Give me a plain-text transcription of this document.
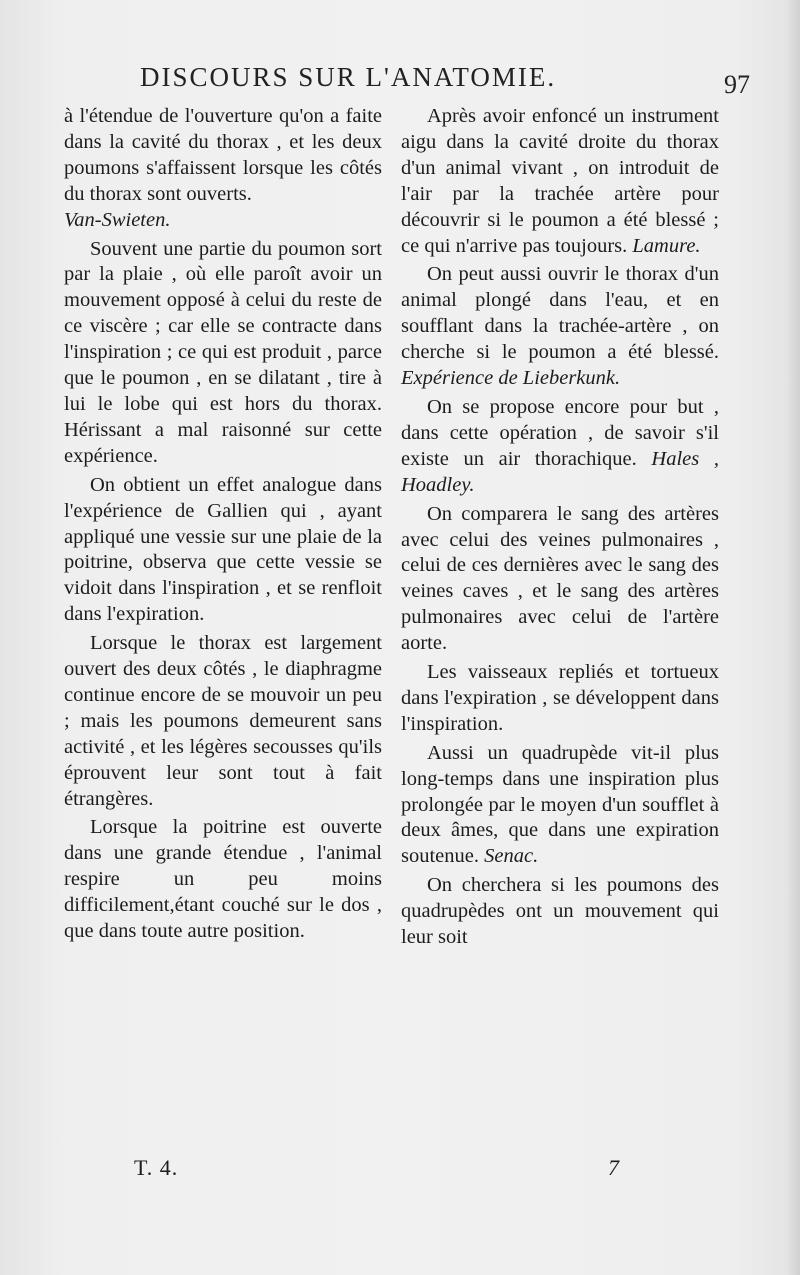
DISCOURS SUR L'ANATOMIE.	97

à l'étendue de l'ouverture qu'on a faite dans la cavité du thorax , et les deux poumons s'affaissent lorsque les côtés du thorax sont ouverts.
Van-Swieten.

Souvent une partie du poumon sort par la plaie , où elle paroît avoir un mouvement opposé à celui du reste de ce viscère ; car elle se contracte dans l'inspiration ; ce qui est produit , parce que le poumon , en se dilatant , tire à lui le lobe qui est hors du thorax. Hérissant a mal raisonné sur cette expérience.

On obtient un effet analogue dans l'expérience de Gallien qui , ayant appliqué une vessie sur une plaie de la poitrine, observa que cette vessie se vidoit dans l'inspiration , et se renfloit dans l'expiration.

Lorsque le thorax est largement ouvert des deux côtés , le diaphragme continue encore de se mouvoir un peu ; mais les poumons demeurent sans activité , et les légères secousses qu'ils éprouvent leur sont tout à fait étrangères.

Lorsque la poitrine est ouverte dans une grande étendue , l'animal respire un peu moins difficilement,étant couché sur le dos , que dans toute autre position.

Après avoir enfoncé un instrument aigu dans la cavité droite du thorax d'un animal vivant , on introduit de l'air par la trachée artère pour découvrir si le poumon a été blessé ; ce qui n'arrive pas toujours. Lamure.

On peut aussi ouvrir le thorax d'un animal plongé dans l'eau, et en soufflant dans la trachée-artère , on cherche si le poumon a été blessé. Expérience de Lieberkunk.

On se propose encore pour but , dans cette opération , de savoir s'il existe un air thorachique. Hales , Hoadley.

On comparera le sang des artères avec celui des veines pulmonaires , celui de ces dernières avec le sang des veines caves , et le sang des artères pulmonaires avec celui de l'artère aorte.

Les vaisseaux repliés et tortueux dans l'expiration , se développent dans l'inspiration.

Aussi un quadrupède vit-il plus long-temps dans une inspiration plus prolongée par le moyen d'un soufflet à deux âmes, que dans une expiration soutenue. Senac.

On cherchera si les poumons des quadrupèdes ont un mouvement qui leur soit

T. 4.	7
